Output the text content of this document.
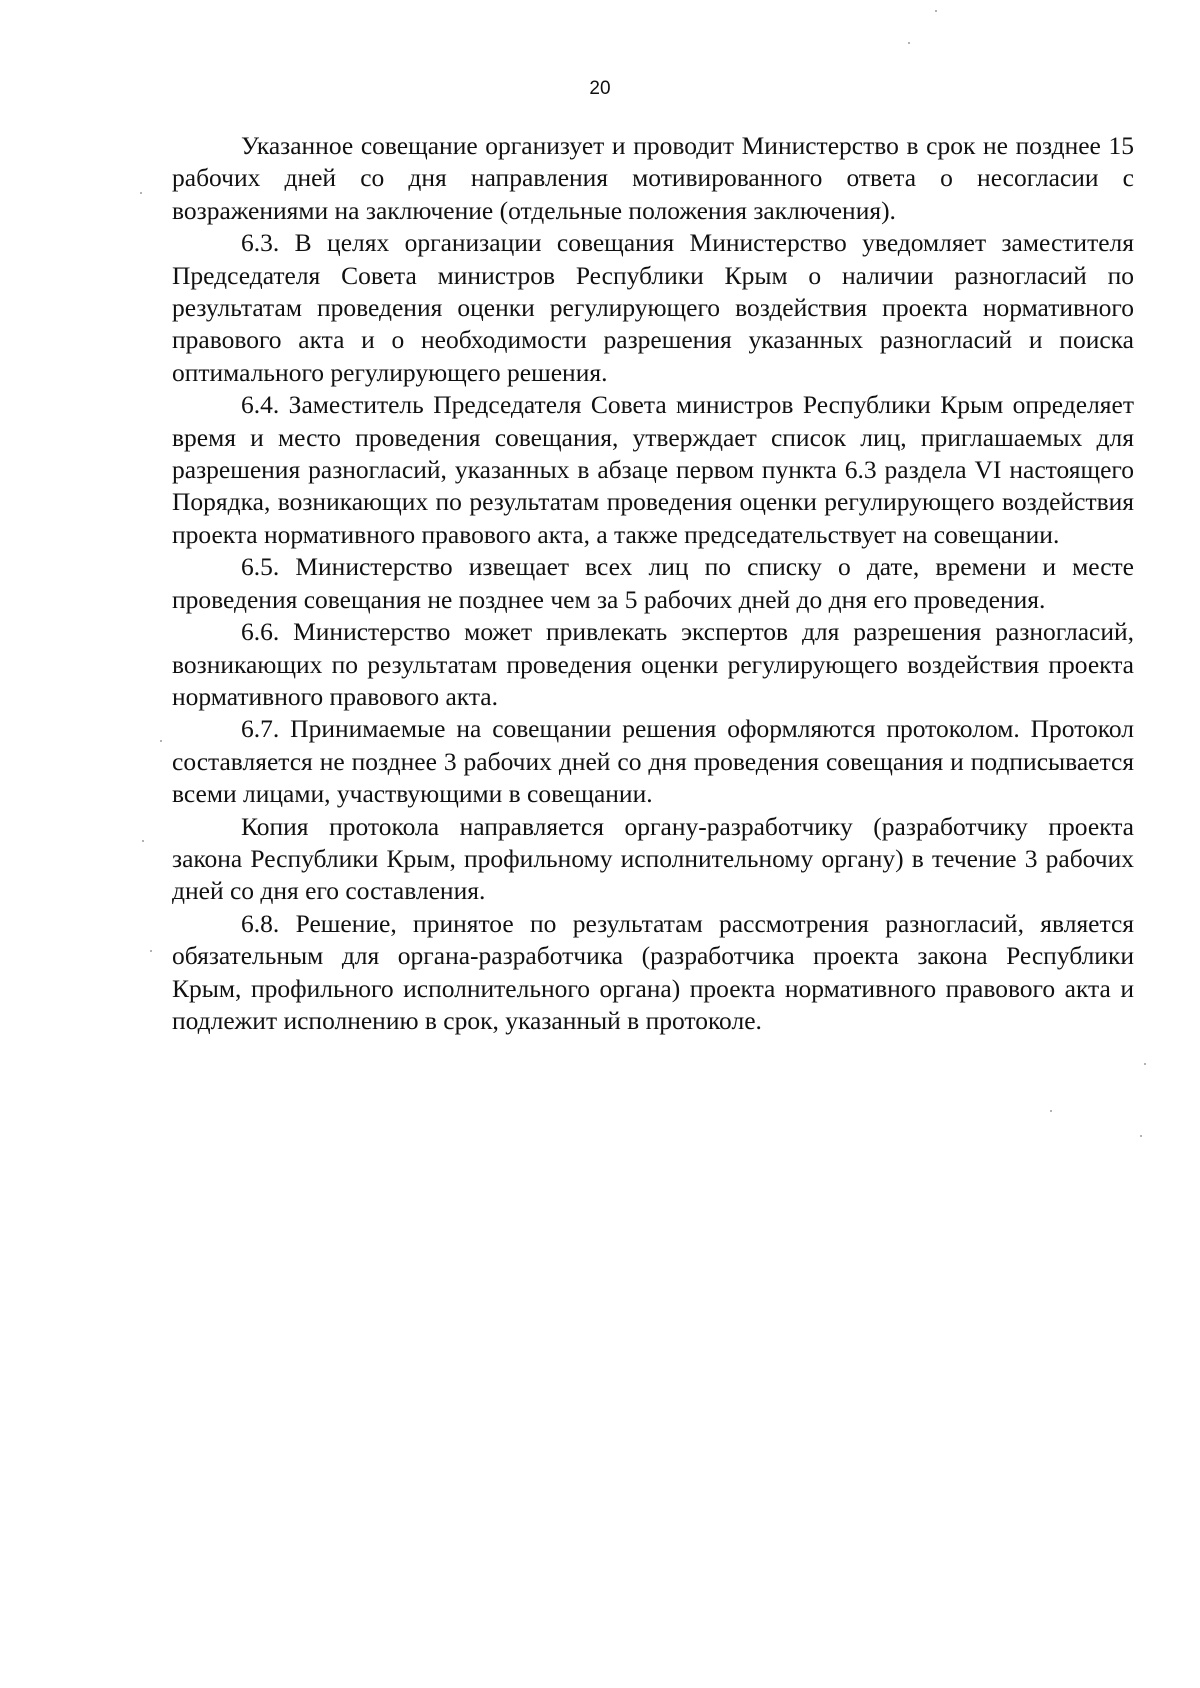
20

Указанное совещание организует и проводит Министерство в срок не позднее 15 рабочих дней со дня направления мотивированного ответа о несогласии с возражениями на заключение (отдельные положения заключения).

6.3. В целях организации совещания Министерство уведомляет заместителя Председателя Совета министров Республики Крым о наличии разногласий по результатам проведения оценки регулирующего воздействия проекта нормативного правового акта и о необходимости разрешения указанных разногласий и поиска оптимального регулирующего решения.

6.4. Заместитель Председателя Совета министров Республики Крым определяет время и место проведения совещания, утверждает список лиц, приглашаемых для разрешения разногласий, указанных в абзаце первом пункта 6.3 раздела VI настоящего Порядка, возникающих по результатам проведения оценки регулирующего воздействия проекта нормативного правового акта, а также председательствует на совещании.

6.5. Министерство извещает всех лиц по списку о дате, времени и месте проведения совещания не позднее чем за 5 рабочих дней до дня его проведения.

6.6. Министерство может привлекать экспертов для разрешения разногласий, возникающих по результатам проведения оценки регулирующего воздействия проекта нормативного правового акта.

6.7. Принимаемые на совещании решения оформляются протоколом. Протокол составляется не позднее 3 рабочих дней со дня проведения совещания и подписывается всеми лицами, участвующими в совещании.

Копия протокола направляется органу-разработчику (разработчику проекта закона Республики Крым, профильному исполнительному органу) в течение 3 рабочих дней со дня его составления.

6.8. Решение, принятое по результатам рассмотрения разногласий, является обязательным для органа-разработчика (разработчика проекта закона Республики Крым, профильного исполнительного органа) проекта нормативного правового акта и подлежит исполнению в срок, указанный в протоколе.
